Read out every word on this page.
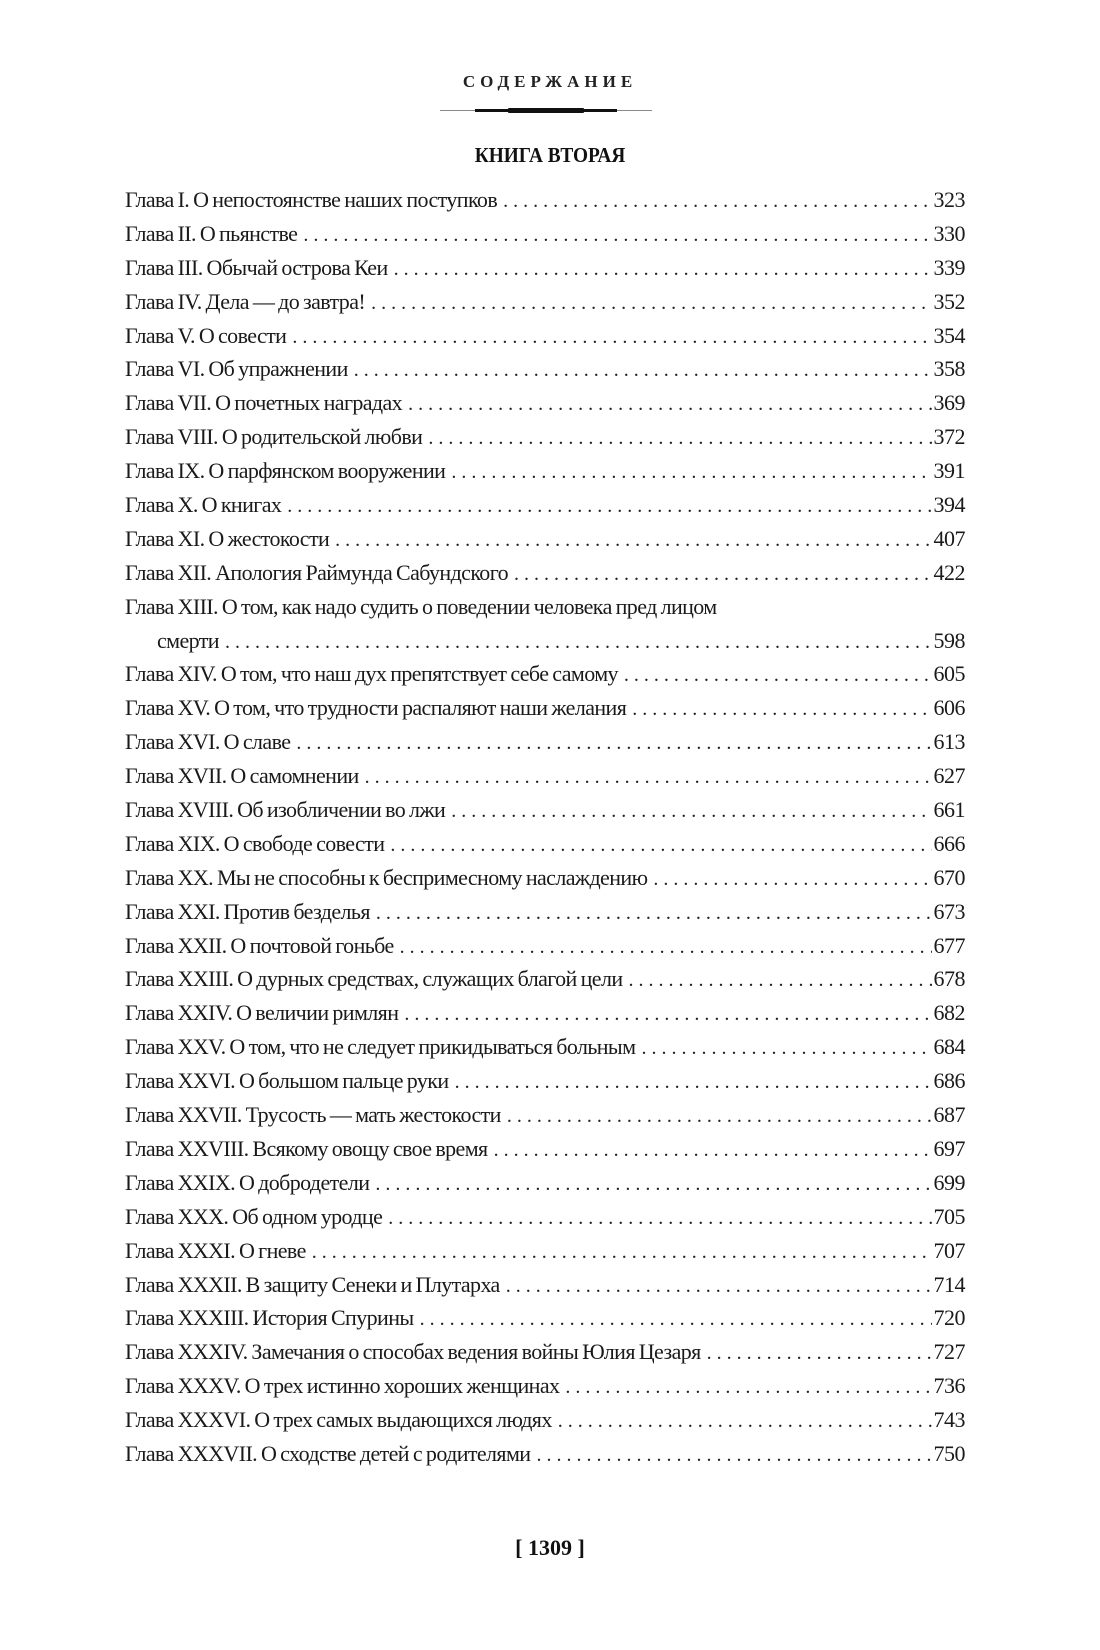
СОДЕРЖАНИЕ
КНИГА ВТОРАЯ
Глава I. О непостоянстве наших поступков . . .	323
Глава II. О пьянстве . . .	330
Глава III. Обычай острова Кеи . . .	339
Глава IV. Дела — до завтра! . . .	352
Глава V. О совести . . .	354
Глава VI. Об упражнении . . .	358
Глава VII. О почетных наградах . . .	369
Глава VIII. О родительской любви . . .	372
Глава IX. О парфянском вооружении . . .	391
Глава X. О книгах . . .	394
Глава XI. О жестокости . . .	407
Глава XII. Апология Раймунда Сабундского . . .	422
Глава XIII. О том, как надо судить о поведении человека пред лицом
смерти . . .	598
Глава XIV. О том, что наш дух препятствует себе самому . . .	605
Глава XV. О том, что трудности распаляют наши желания . . .	606
Глава XVI. О славе . . .	613
Глава XVII. О самомнении . . .	627
Глава XVIII. Об изобличении во лжи . . .	661
Глава XIX. О свободе совести . . .	666
Глава XX. Мы не способны к беспримесному наслаждению . . .	670
Глава XXI. Против безделья . . .	673
Глава XXII. О почтовой гоньбе . . .	677
Глава XXIII. О дурных средствах, служащих благой цели . . .	678
Глава XXIV. О величии римлян . . .	682
Глава XXV. О том, что не следует прикидываться больным . . .	684
Глава XXVI. О большом пальце руки . . .	686
Глава XXVII. Трусость — мать жестокости . . .	687
Глава XXVIII. Всякому овощу свое время . . .	697
Глава XXIX. О добродетели . . .	699
Глава XXX. Об одном уродце . . .	705
Глава XXXI. О гневе . . .	707
Глава XXXII. В защиту Сенеки и Плутарха . . .	714
Глава XXXIII. История Спурины . . .	720
Глава XXXIV. Замечания о способах ведения войны Юлия Цезаря . . .	727
Глава XXXV. О трех истинно хороших женщинах . . .	736
Глава XXXVI. О трех самых выдающихся людях . . .	743
Глава XXXVII. О сходстве детей с родителями . . .	750
[ 1309 ]
